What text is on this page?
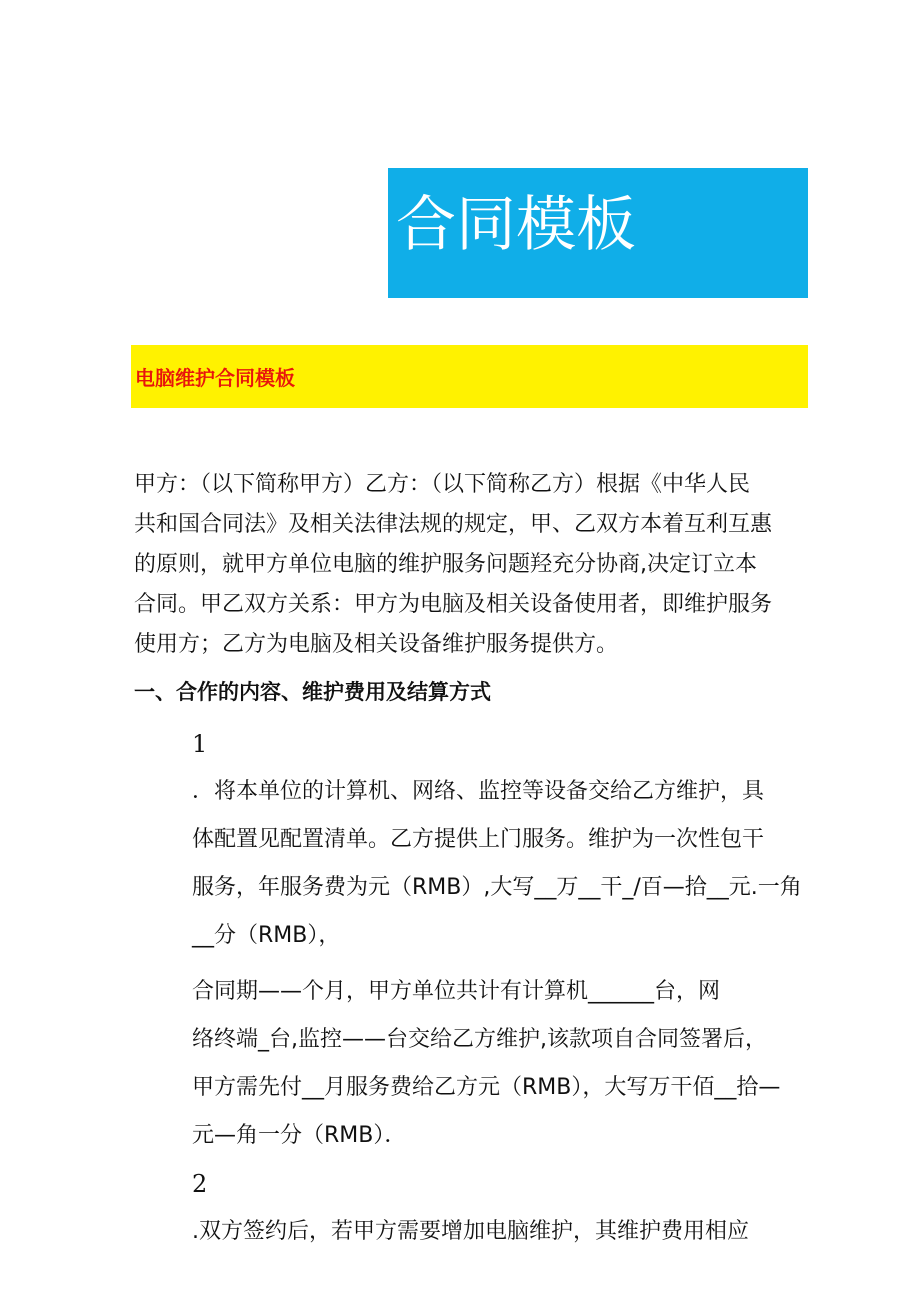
合同模板
电脑维护合同模板
甲方：（以下简称甲方）乙方：（以下简称乙方）根据《中华人民
共和国合同法》及相关法律法规的规定，甲、乙双方本着互利互惠
的原则，就甲方单位电脑的维护服务问题羟充分协商,决定订立本
合同。甲乙双方关系：甲方为电脑及相关设备使用者，即维护服务
使用方；乙方为电脑及相关设备维护服务提供方。
一、合作的内容、维护费用及结算方式
1
．将本单位的计算机、网络、监控等设备交给乙方维护，具
体配置见配置清单。乙方提供上门服务。维护为一次性包干
服务，年服务费为元（RMB）,大写__万__干_/百—拾__元.一角
__分（RMB），
合同期——个月，甲方单位共计有计算机______台，网
络终端_台,监控——台交给乙方维护,该款项自合同签署后，
甲方需先付__月服务费给乙方元（RMB），大写万干佰__拾—
元—角一分（RMB）．
2
.双方签约后，若甲方需要增加电脑维护，其维护费用相应
